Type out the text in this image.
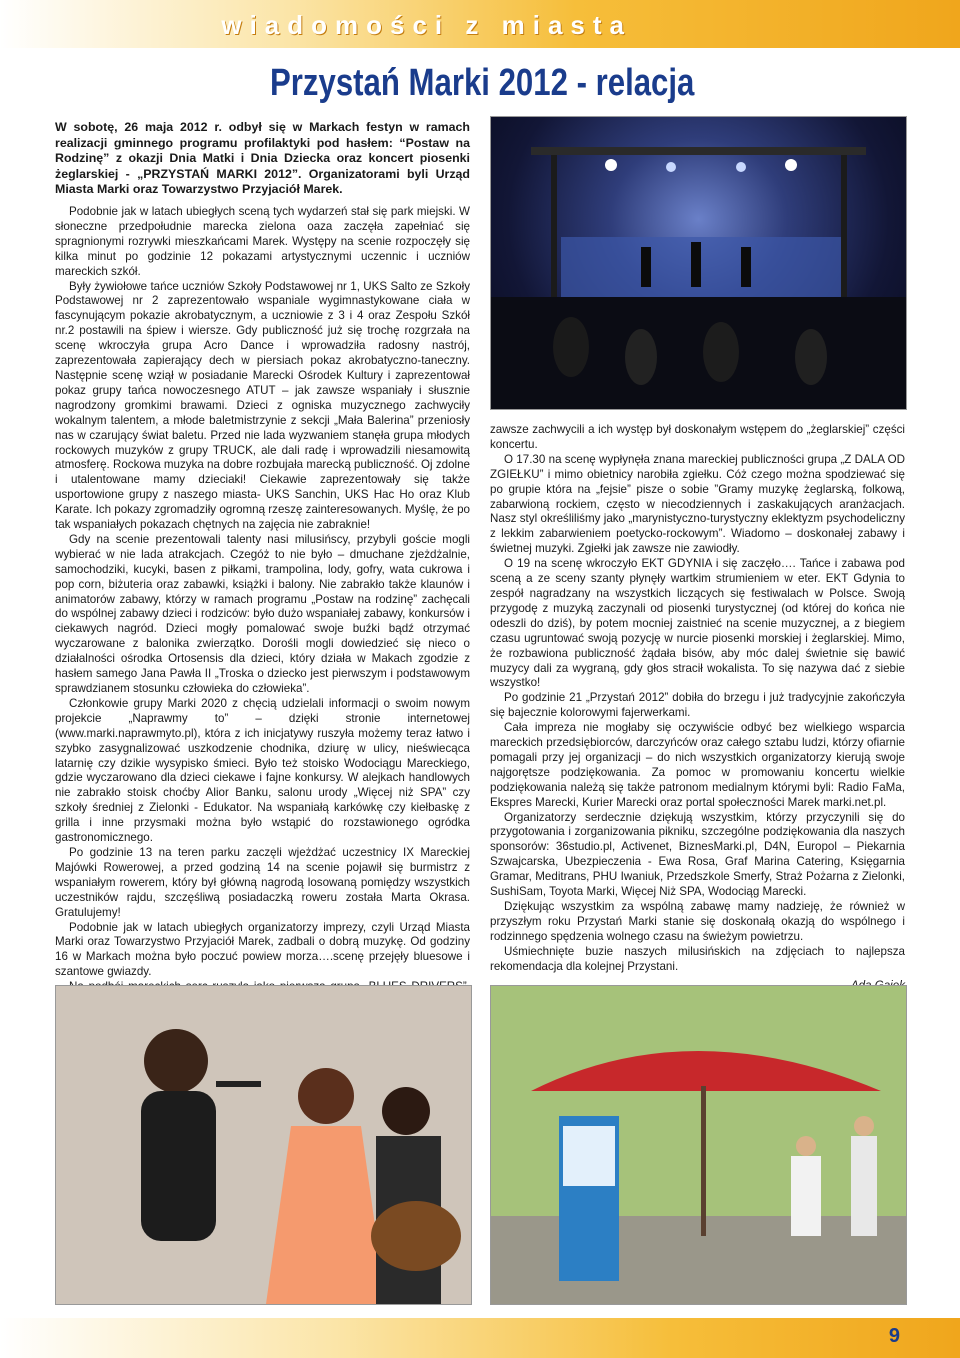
wiadomości z miasta
Przystań Marki 2012 - relacja

W sobotę, 26 maja 2012 r. odbył się w Markach festyn w ramach realizacji gminnego programu profilaktyki pod hasłem: “Postaw na Rodzinę” z okazji Dnia Matki i Dnia Dziecka oraz koncert piosenki żeglarskiej - „PRZYSTAŃ MARKI 2012”. Organizatorami byli Urząd Miasta Marki oraz Towarzystwo Przyjaciół Marek.

Podobnie jak w latach ubiegłych sceną tych wydarzeń stał się park miejski. W słoneczne przedpołudnie marecka zielona oaza zaczęła zapełniać się spragnionymi rozrywki mieszkańcami Marek. Występy na scenie rozpoczęły się kilka minut po godzinie 12 pokazami artystycznymi uczennic i uczniów mareckich szkół.

Były żywiołowe tańce uczniów Szkoły Podstawowej nr 1, UKS Salto ze Szkoły Podstawowej nr 2 zaprezentowało wspaniale wygimnastykowane ciała w fascynującym pokazie akrobatycznym, a uczniowie z 3 i 4 oraz Zespołu Szkół nr.2 postawili na śpiew i wiersze. Gdy publiczność już się trochę rozgrzała na scenę wkroczyła grupa Acro Dance i wprowadziła radosny nastrój, zaprezentowała zapierający dech w piersiach pokaz akrobatyczno-taneczny. Następnie scenę wziął w posiadanie Marecki Ośrodek Kultury i zaprezentował pokaz grupy tańca nowoczesnego ATUT – jak zawsze wspaniały i słusznie nagrodzony gromkimi brawami. Dzieci z ogniska muzycznego zachwyciły wokalnym talentem, a młode baletmistrzynie z sekcji „Mała Balerina” przeniosły nas w czarujący świat baletu. Przed nie lada wyzwaniem stanęła grupa młodych rockowych muzyków z grupy TRUCK, ale dali radę i wprowadzili niesamowitą atmosferę. Rockowa muzyka na dobre rozbujała marecką publiczność. Oj zdolne i utalentowane mamy dzieciaki! Ciekawie zaprezentowały się także usportowione grupy z naszego miasta- UKS Sanchin, UKS Hac Ho oraz Klub Karate. Ich pokazy zgromadziły ogromną rzeszę zainteresowanych. Myślę, że po tak wspaniałych pokazach chętnych na zajęcia nie zabraknie!

Gdy na scenie prezentowali talenty nasi milusińscy, przybyli goście mogli wybierać w nie lada atrakcjach. Czegóż to nie było – dmuchane zjeżdżalnie, samochodziki, kucyki, basen z piłkami, trampolina, lody, gofry, wata cukrowa i pop corn, biżuteria oraz zabawki, książki i balony. Nie zabrakło także klaunów i animatorów zabawy, którzy w ramach programu „Postaw na rodzinę” zachęcali do wspólnej zabawy dzieci i rodziców: było dużo wspaniałej zabawy, konkursów i ciekawych nagród. Dzieci mogły pomalować swoje buźki bądź otrzymać wyczarowane z balonika zwierzątko. Dorośli mogli dowiedzieć się nieco o działalności ośrodka Ortosensis dla dzieci, który działa w Makach zgodzie z hasłem samego Jana Pawła II „Troska o dziecko jest pierwszym i podstawowym sprawdzianem stosunku człowieka do człowieka”.

Członkowie grupy Marki 2020 z chęcią udzielali informacji o swoim nowym projekcie „Naprawmy to” – dzięki stronie internetowej (www.marki.naprawmyto.pl), która z ich inicjatywy ruszyła możemy teraz łatwo i szybko zasygnalizować uszkodzenie chodnika, dziurę w ulicy, nieświecąca latarnię czy dzikie wysypisko śmieci. Było też stoisko Wodociągu Mareckiego, gdzie wyczarowano dla dzieci ciekawe i fajne konkursy. W alejkach handlowych nie zabrakło stoisk choćby Alior Banku, salonu urody „Więcej niż SPA” czy szkoły średniej z Zielonki - Edukator. Na wspaniałą karkówkę czy kiełbaskę z grilla i inne przysmaki można było wstąpić do rozstawionego ogródka gastronomicznego.

Po godzinie 13 na teren parku zaczęli wjeżdżać uczestnicy IX Mareckiej Majówki Rowerowej, a przed godziną 14 na scenie pojawił się burmistrz z wspaniałym rowerem, który był główną nagrodą losowaną pomiędzy wszystkich uczestników rajdu, szczęśliwą posiadaczką roweru została Marta Okrasa. Gratulujemy!

Podobnie jak w latach ubiegłych organizatorzy imprezy, czyli Urząd Miasta Marki oraz Towarzystwo Przyjaciół Marek, zadbali o dobrą muzykę. Od godziny 16 w Markach można było poczuć powiew morza….scenę przejęły bluesowe i szantowe gwiazdy.

zawsze zachwycili a ich występ był doskonałym wstępem do „żeglarskiej” części koncertu.

O 17.30 na scenę wypłynęła znana mareckiej publiczności grupa „Z DALA OD ZGIEŁKU” i mimo obietnicy narobiła zgiełku. Cóż czego można spodziewać się po grupie która na „fejsie” pisze o sobie ”Gramy muzykę żeglarską, folkową, zabarwioną rockiem, często w niecodziennych i zaskakujących aranżacjach. Nasz styl określiliśmy jako „marynistyczno-turystyczny eklektyzm psychodeliczny z lekkim zabarwieniem poetycko-rockowym”. Wiadomo – doskonałej zabawy i świetnej muzyki. Zgiełki jak zawsze nie zawiodły.

O 19 na scenę wkroczyło EKT GDYNIA i się zaczęło…. Tańce i zabawa pod sceną a ze sceny szanty płynęły wartkim strumieniem w eter. EKT Gdynia to zespół nagradzany na wszystkich liczących się festiwalach w Polsce. Swoją przygodę z muzyką zaczynali od piosenki turystycznej (od której do końca nie odeszli do dziś), by potem mocniej zaistnieć na scenie muzycznej, a z biegiem czasu ugruntować swoją pozycję w nurcie piosenki morskiej i żeglarskiej. Mimo, że rozbawiona publiczność żądała bisów, aby móc dalej świetnie się bawić muzycy dali za wygraną, gdy głos stracił wokalista. To się nazywa dać z siebie wszystko!

Po godzinie 21 „Przystań 2012” dobiła do brzegu i już tradycyjnie zakończyła się bajecznie kolorowymi fajerwerkami.

Cała impreza nie mogłaby się oczywiście odbyć bez wielkiego wsparcia mareckich przedsiębiorców, darczyńców oraz całego sztabu ludzi, którzy ofiarnie pomagali przy jej organizacji – do nich wszystkich organizatorzy kierują swoje najgorętsze podziękowania. Za pomoc w promowaniu koncertu wielkie podziękowania należą się także patronom medialnym którymi byli: Radio FaMa, Ekspres Marecki, Kurier Marecki oraz portal społeczności Marek marki.net.pl.

Organizatorzy serdecznie dziękują wszystkim, którzy przyczynili się do przygotowania i zorganizowania pikniku, szczególne podziękowania dla naszych sponsorów: 36studio.pl, Activenet, BiznesMarki.pl, D4N, Europol – Piekarnia Szwajcarska, Ubezpieczenia - Ewa Rosa, Graf Marina Catering, Księgarnia Gramar, Meditrans, PHU Iwaniuk, Przedszkole Smerfy, Straż Pożarna z Zielonki, SushiSam, Toyota Marki, Więcej Niż SPA, Wodociąg Marecki.

Dziękując wszystkim za wspólną zabawę mamy nadzieję, że również w przyszłym roku Przystań Marki stanie się doskonałą okazją do wspólnego i rodzinnego spędzenia wolnego czasu na świeżym powietrzu.

Uśmiechnięte buzie naszych milusińskich na zdjęciach to najlepsza rekomendacja dla kolejnej Przystani.

9
